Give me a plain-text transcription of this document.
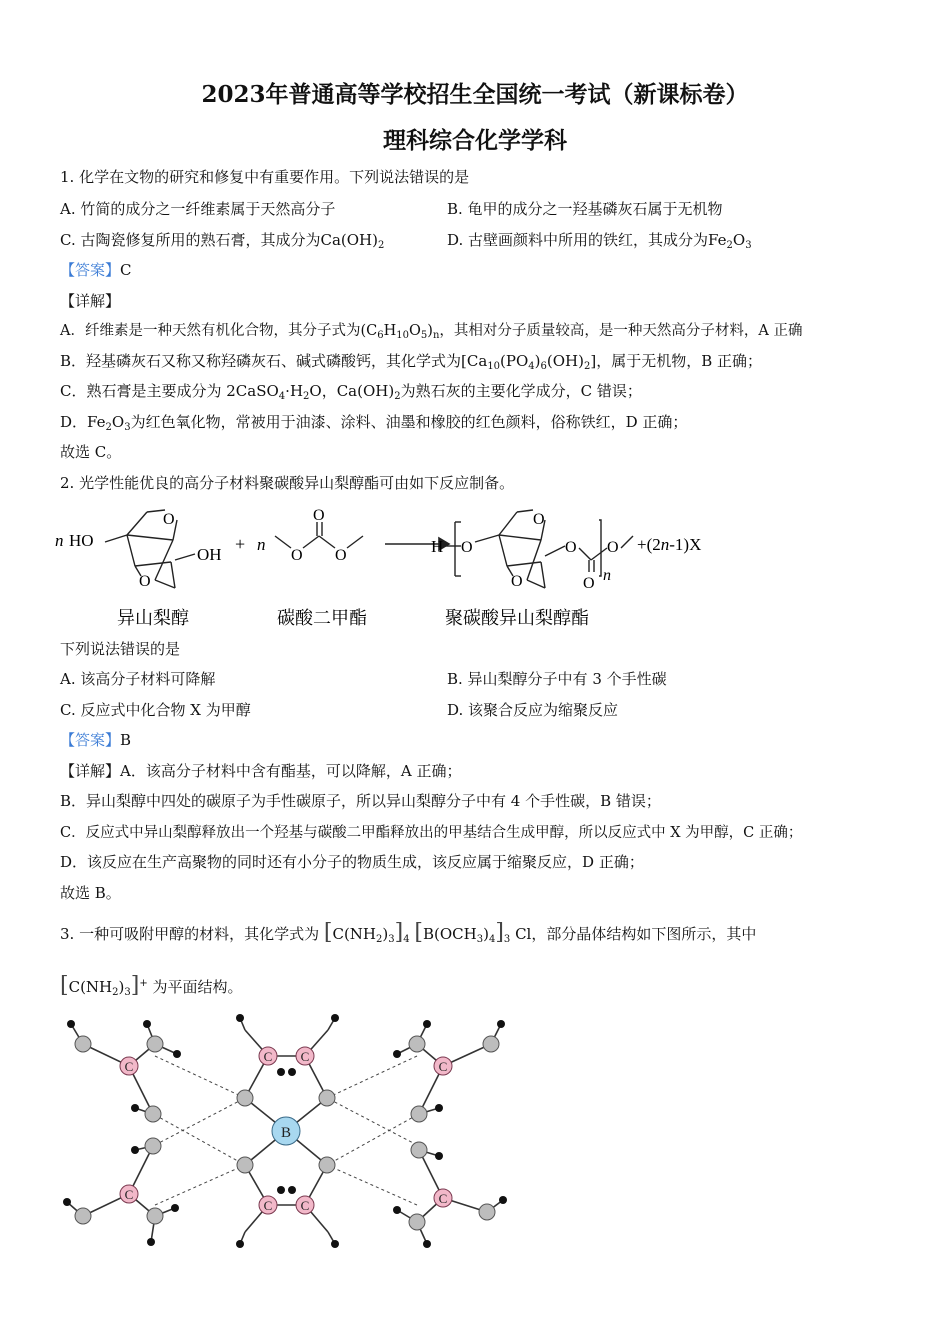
2023年普通高等学校招生全国统一考试（新课标卷）
理科综合化学学科
1. 化学在文物的研究和修复中有重要作用。下列说法错误的是
A. 竹简的成分之一纤维素属于天然高分子	B. 龟甲的成分之一羟基磷灰石属于无机物
C. 古陶瓷修复所用的熟石膏，其成分为$Ca(OH)_2$	D. 古壁画颜料中所用的铁红，其成分为$Fe_2O_3$
【答案】C
【详解】
A．纤维素是一种天然有机化合物，其分子式为$(C_6H_{10}O_5)_n$，其相对分子质量较高，是一种天然高分子材料，A 正确
B．羟基磷灰石又称又称羟磷灰石、碱式磷酸钙，其化学式为$[Ca_{10}(PO_4)_6(OH)_2]$，属于无机物，B 正确；
C．熟石膏是主要成分为 $2CaSO_4\cdot H_2O$，$Ca(OH)_2$为熟石灰的主要化学成分，C 错误；
D．$Fe_2O_3$为红色氧化物，常被用于油漆、涂料、油墨和橡胶的红色颜料，俗称铁红，D 正确；
故选 C。
2. 光学性能优良的高分子材料聚碳酸异山梨醇酯可由如下反应制备。
n HO
O
O
OH
+ n
O
O O	H O
O
O
O
O
O
n
+(2n-1)X
异山梨醇	碳酸二甲酯	聚碳酸异山梨醇酯
下列说法错误的是
A. 该高分子材料可降解	B. 异山梨醇分子中有 3 个手性碳
C. 反应式中化合物 X 为甲醇	D. 该聚合反应为缩聚反应
【答案】B
【详解】A．该高分子材料中含有酯基，可以降解，A 正确；
B．异山梨醇中四处的碳原子为手性碳原子，所以异山梨醇分子中有 4 个手性碳，B 错误；
C．反应式中异山梨醇释放出一个羟基与碳酸二甲酯释放出的甲基结合生成甲醇，所以反应式中 X 为甲醇，C 正确；
D．该反应在生产高聚物的同时还有小分子的物质生成，该反应属于缩聚反应，D 正确；
故选 B。
3. 一种可吸附甲醇的材料，其化学式为 $[C(NH_2)_3]_4$ $[B(OCH_3)_4]_3$ Cl，部分晶体结构如下图所示，其中
$[C(NH_2)_3]^+$ 为平面结构。
C
C
C
C
C C
C C
B
